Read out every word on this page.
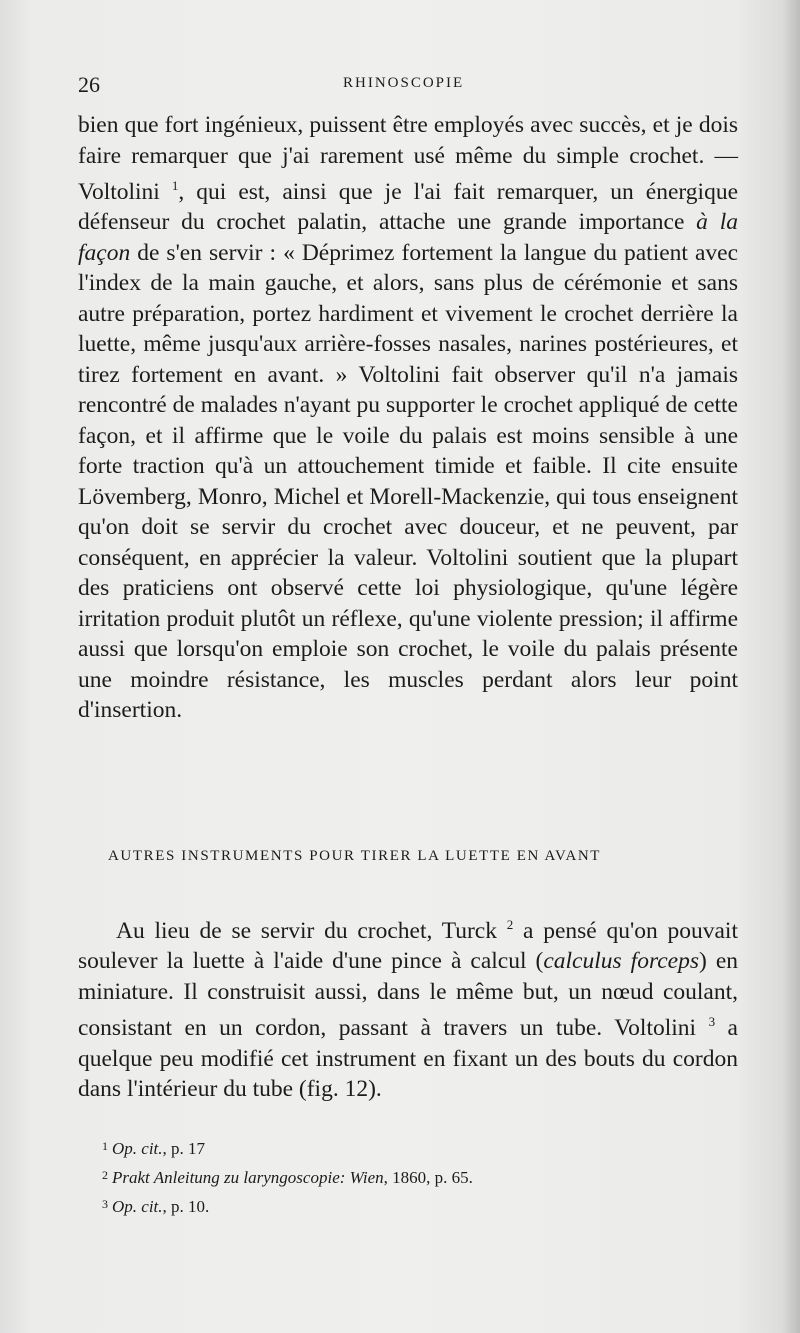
26	RHINOSCOPIE
bien que fort ingénieux, puissent être employés avec succès, et je dois faire remarquer que j'ai rarement usé même du simple crochet. — Voltolini $^1$, qui est, ainsi que je l'ai fait remarquer, un énergique défenseur du crochet palatin, attache une grande importance à la façon de s'en servir : « Déprimez fortement la langue du patient avec l'index de la main gauche, et alors, sans plus de cérémonie et sans autre préparation, portez hardiment et vivement le crochet derrière la luette, même jusqu'aux arrière-fosses nasales, narines postérieures, et tirez fortement en avant. » Voltolini fait observer qu'il n'a jamais rencontré de malades n'ayant pu supporter le crochet appliqué de cette façon, et il affirme que le voile du palais est moins sensible à une forte traction qu'à un attouchement timide et faible. Il cite ensuite Lövemberg, Monro, Michel et Morell-Mackenzie, qui tous enseignent qu'on doit se servir du crochet avec douceur, et ne peuvent, par conséquent, en apprécier la valeur. Voltolini soutient que la plupart des praticiens ont observé cette loi physiologique, qu'une légère irritation produit plutôt un réflexe, qu'une violente pression; il affirme aussi que lorsqu'on emploie son crochet, le voile du palais présente une moindre résistance, les muscles perdant alors leur point d'insertion.
AUTRES INSTRUMENTS POUR TIRER LA LUETTE EN AVANT
Au lieu de se servir du crochet, Turck $^2$ a pensé qu'on pouvait soulever la luette à l'aide d'une pince à calcul (calculus forceps) en miniature. Il construisit aussi, dans le même but, un nœud coulant, consistant en un cordon, passant à travers un tube. Voltolini $^3$ a quelque peu modifié cet instrument en fixant un des bouts du cordon dans l'intérieur du tube (fig. 12).
$^1$ Op. cit., p. 17
$^2$ Prakt Anleitung zu laryngoscopie: Wien, 1860, p. 65.
$^3$ Op. cit., p. 10.
